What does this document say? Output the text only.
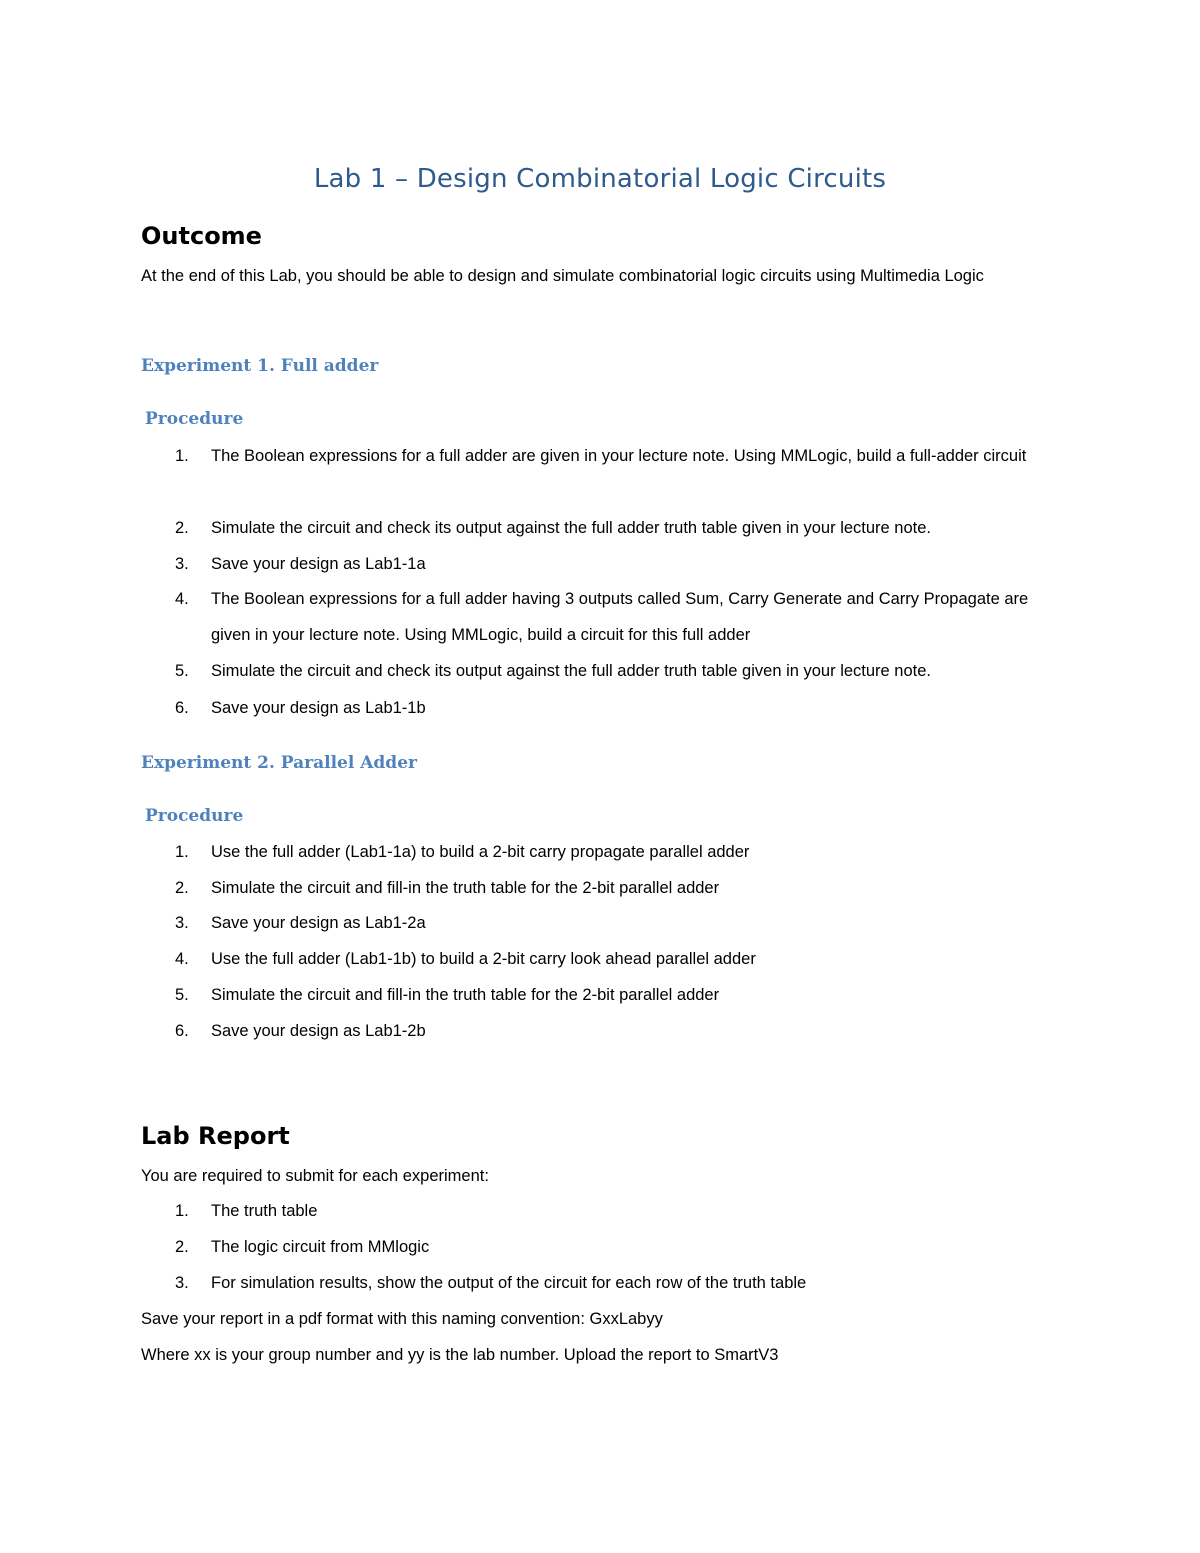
Lab 1 – Design Combinatorial Logic Circuits
Outcome
At the end of this Lab, you should be able to design and simulate combinatorial logic circuits using Multimedia Logic
Experiment 1. Full adder
Procedure
1. The Boolean expressions for a full adder are given in your lecture note. Using MMLogic, build a full-adder circuit
2. Simulate the circuit and check its output against the full adder truth table given in your lecture note.
3. Save your design as Lab1-1a
4. The Boolean expressions for a full adder having 3 outputs called Sum, Carry Generate and Carry Propagate are given in your lecture note. Using MMLogic, build a circuit for this full adder
5. Simulate the circuit and check its output against the full adder truth table given in your lecture note.
6. Save your design as Lab1-1b
Experiment 2. Parallel Adder
Procedure
1. Use the full adder (Lab1-1a) to build a 2-bit carry propagate parallel adder
2. Simulate the circuit and fill-in the truth table for the 2-bit parallel adder
3. Save your design as Lab1-2a
4. Use the full adder (Lab1-1b) to build a 2-bit carry look ahead parallel adder
5. Simulate the circuit and fill-in the truth table for the 2-bit parallel adder
6. Save your design as Lab1-2b
Lab Report
You are required to submit for each experiment:
1. The truth table
2. The logic circuit from MMlogic
3. For simulation results, show the output of the circuit for each row of the truth table
Save your report in a pdf format with this naming convention: GxxLabyy
Where xx is your group number and yy is the lab number. Upload the report to SmartV3
